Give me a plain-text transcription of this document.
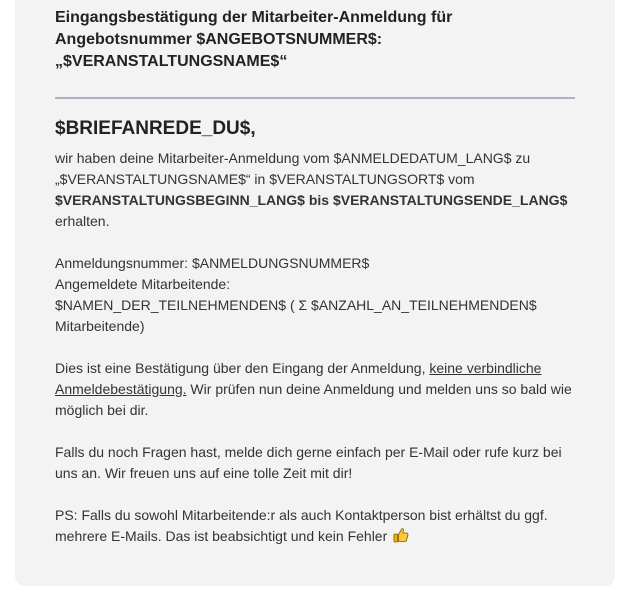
Eingangsbestätigung der Mitarbeiter-Anmeldung für
Angebotsnummer $ANGEBOTSNUMMER$:
„$VERANSTALTUNGSNAME$“
$BRIEFANREDE_DU$,

wir haben deine Mitarbeiter-Anmeldung vom $ANMELDEDATUM_LANG$ zu
„$VERANSTALTUNGSNAME$“ in $VERANSTALTUNGSORT$ vom
$VERANSTALTUNGSBEGINN_LANG$ bis $VERANSTALTUNGSENDE_LANG$
erhalten.

Anmeldungsnummer: $ANMELDUNGSNUMMER$
Angemeldete Mitarbeitende:
$NAMEN_DER_TEILNEHMENDEN$ ( Σ $ANZAHL_AN_TEILNEHMENDEN$
Mitarbeitende)

Dies ist eine Bestätigung über den Eingang der Anmeldung, keine verbindliche
Anmeldebestätigung. Wir prüfen nun deine Anmeldung und melden uns so bald wie
möglich bei dir.

Falls du noch Fragen hast, melde dich gerne einfach per E-Mail oder rufe kurz bei
uns an. Wir freuen uns auf eine tolle Zeit mit dir!

PS: Falls du sowohl Mitarbeitende:r als auch Kontaktperson bist erhältst du ggf.
mehrere E-Mails. Das ist beabsichtigt und kein Fehler
